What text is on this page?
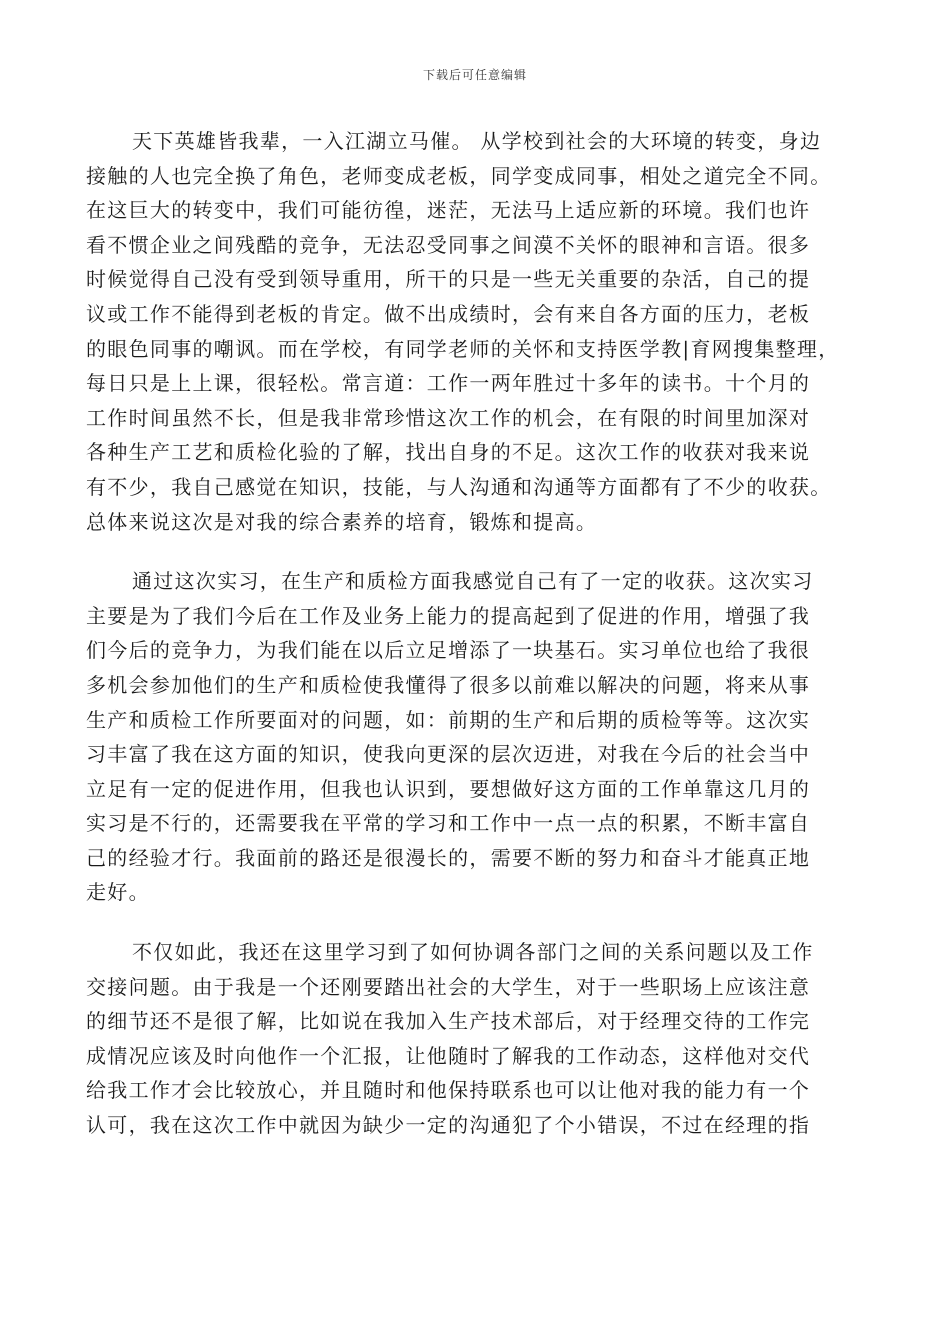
下载后可任意编辑
天下英雄皆我辈，一入江湖立马催。 从学校到社会的大环境的转变，身边
接触的人也完全换了角色，老师变成老板，同学变成同事，相处之道完全不同。
在这巨大的转变中，我们可能彷徨，迷茫，无法马上适应新的环境。我们也许
看不惯企业之间残酷的竞争，无法忍受同事之间漠不关怀的眼神和言语。很多
时候觉得自己没有受到领导重用，所干的只是一些无关重要的杂活，自己的提
议或工作不能得到老板的肯定。做不出成绩时，会有来自各方面的压力，老板
的眼色同事的嘲讽。而在学校，有同学老师的关怀和支持医学教|育网搜集整理，
每日只是上上课，很轻松。常言道：工作一两年胜过十多年的读书。十个月的
工作时间虽然不长，但是我非常珍惜这次工作的机会，在有限的时间里加深对
各种生产工艺和质检化验的了解，找出自身的不足。这次工作的收获对我来说
有不少，我自己感觉在知识，技能，与人沟通和沟通等方面都有了不少的收获。
总体来说这次是对我的综合素养的培育，锻炼和提高。
通过这次实习，在生产和质检方面我感觉自己有了一定的收获。这次实习
主要是为了我们今后在工作及业务上能力的提高起到了促进的作用，增强了我
们今后的竞争力，为我们能在以后立足增添了一块基石。实习单位也给了我很
多机会参加他们的生产和质检使我懂得了很多以前难以解决的问题，将来从事
生产和质检工作所要面对的问题，如：前期的生产和后期的质检等等。这次实
习丰富了我在这方面的知识，使我向更深的层次迈进，对我在今后的社会当中
立足有一定的促进作用，但我也认识到，要想做好这方面的工作单靠这几月的
实习是不行的，还需要我在平常的学习和工作中一点一点的积累，不断丰富自
己的经验才行。我面前的路还是很漫长的，需要不断的努力和奋斗才能真正地
走好。
不仅如此，我还在这里学习到了如何协调各部门之间的关系问题以及工作
交接问题。由于我是一个还刚要踏出社会的大学生，对于一些职场上应该注意
的细节还不是很了解，比如说在我加入生产技术部后，对于经理交待的工作完
成情况应该及时向他作一个汇报，让他随时了解我的工作动态，这样他对交代
给我工作才会比较放心，并且随时和他保持联系也可以让他对我的能力有一个
认可，我在这次工作中就因为缺少一定的沟通犯了个小错误，不过在经理的指
